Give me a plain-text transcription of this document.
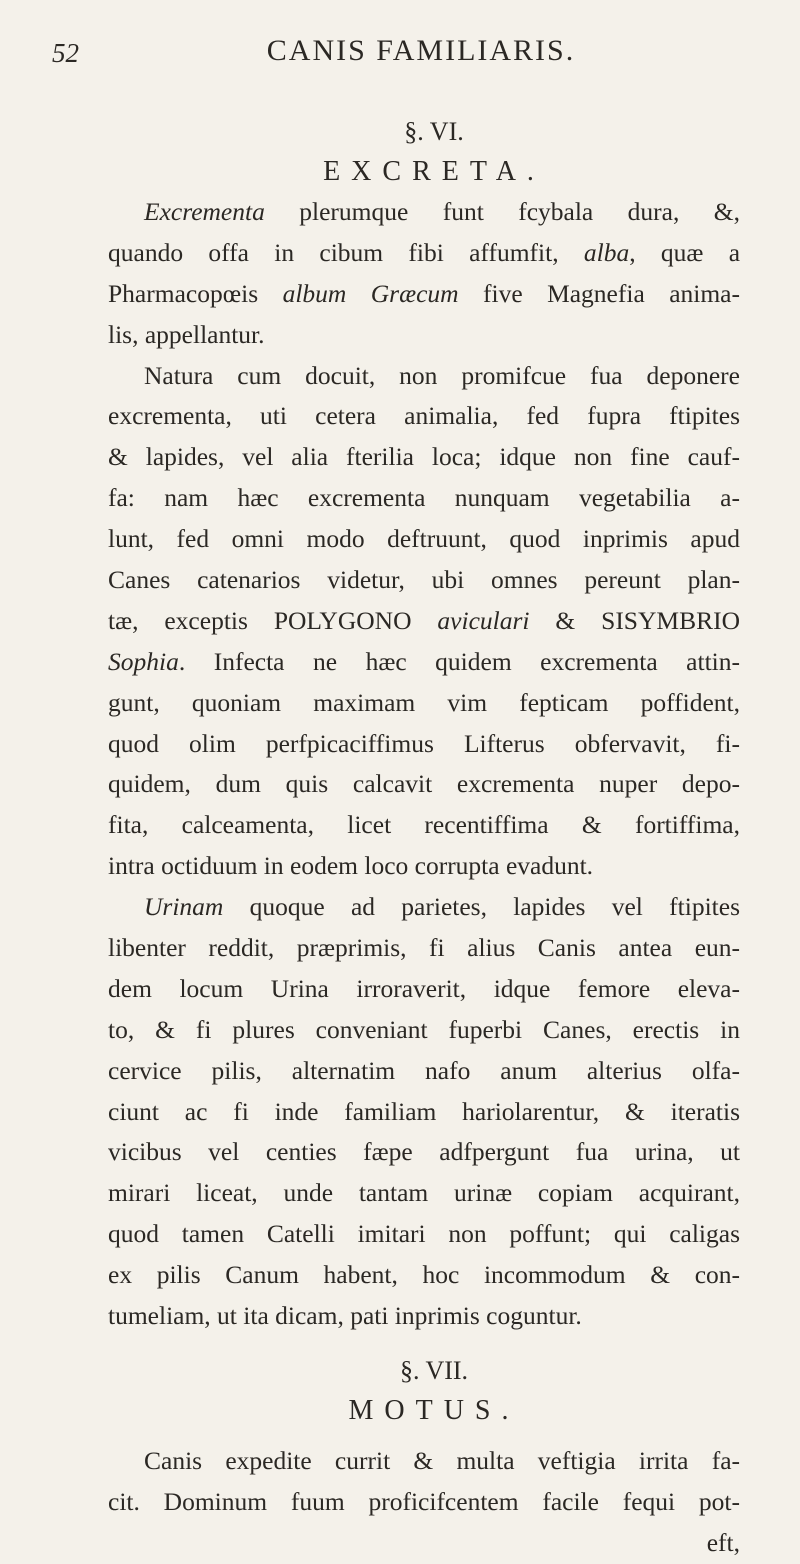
52	CANIS FAMILIARIS.
§. VI.
EXCRETA.
Excrementa plerumque funt fcybala dura, &,
quando offa in cibum fibi affumfit, alba, quæ a
Pharmacopœis album Græcum five Magnefia anima-
lis, appellantur.
Natura cum docuit, non promifcue fua deponere
excrementa, uti cetera animalia, fed fupra ftipites
& lapides, vel alia fterilia loca; idque non fine cauf-
fa: nam hæc excrementa nunquam vegetabilia a-
lunt, fed omni modo deftruunt, quod inprimis apud
Canes catenarios videtur, ubi omnes pereunt plan-
tæ, exceptis POLYGONO aviculari & SISYMBRIO
Sophia. Infecta ne hæc quidem excrementa attin-
gunt, quoniam maximam vim fepticam poffident,
quod olim perfpicaciffimus Lifterus obfervavit, fi-
quidem, dum quis calcavit excrementa nuper depo-
fita, calceamenta, licet recentiffima & fortiffima,
intra octiduum in eodem loco corrupta evadunt.
Urinam quoque ad parietes, lapides vel ftipites
libenter reddit, præprimis, fi alius Canis antea eun-
dem locum Urina irroraverit, idque femore eleva-
to, & fi plures conveniant fuperbi Canes, erectis in
cervice pilis, alternatim nafo anum alterius olfa-
ciunt ac fi inde familiam hariolarentur, & iteratis
vicibus vel centies fæpe adfpergunt fua urina, ut
mirari liceat, unde tantam urinæ copiam acquirant,
quod tamen Catelli imitari non poffunt; qui caligas
ex pilis Canum habent, hoc incommodum & con-
tumeliam, ut ita dicam, pati inprimis coguntur.
§. VII.
MOTUS.
Canis expedite currit & multa veftigia irrita fa-
cit. Dominum fuum proficifcentem facile fequi pot-
eft,
